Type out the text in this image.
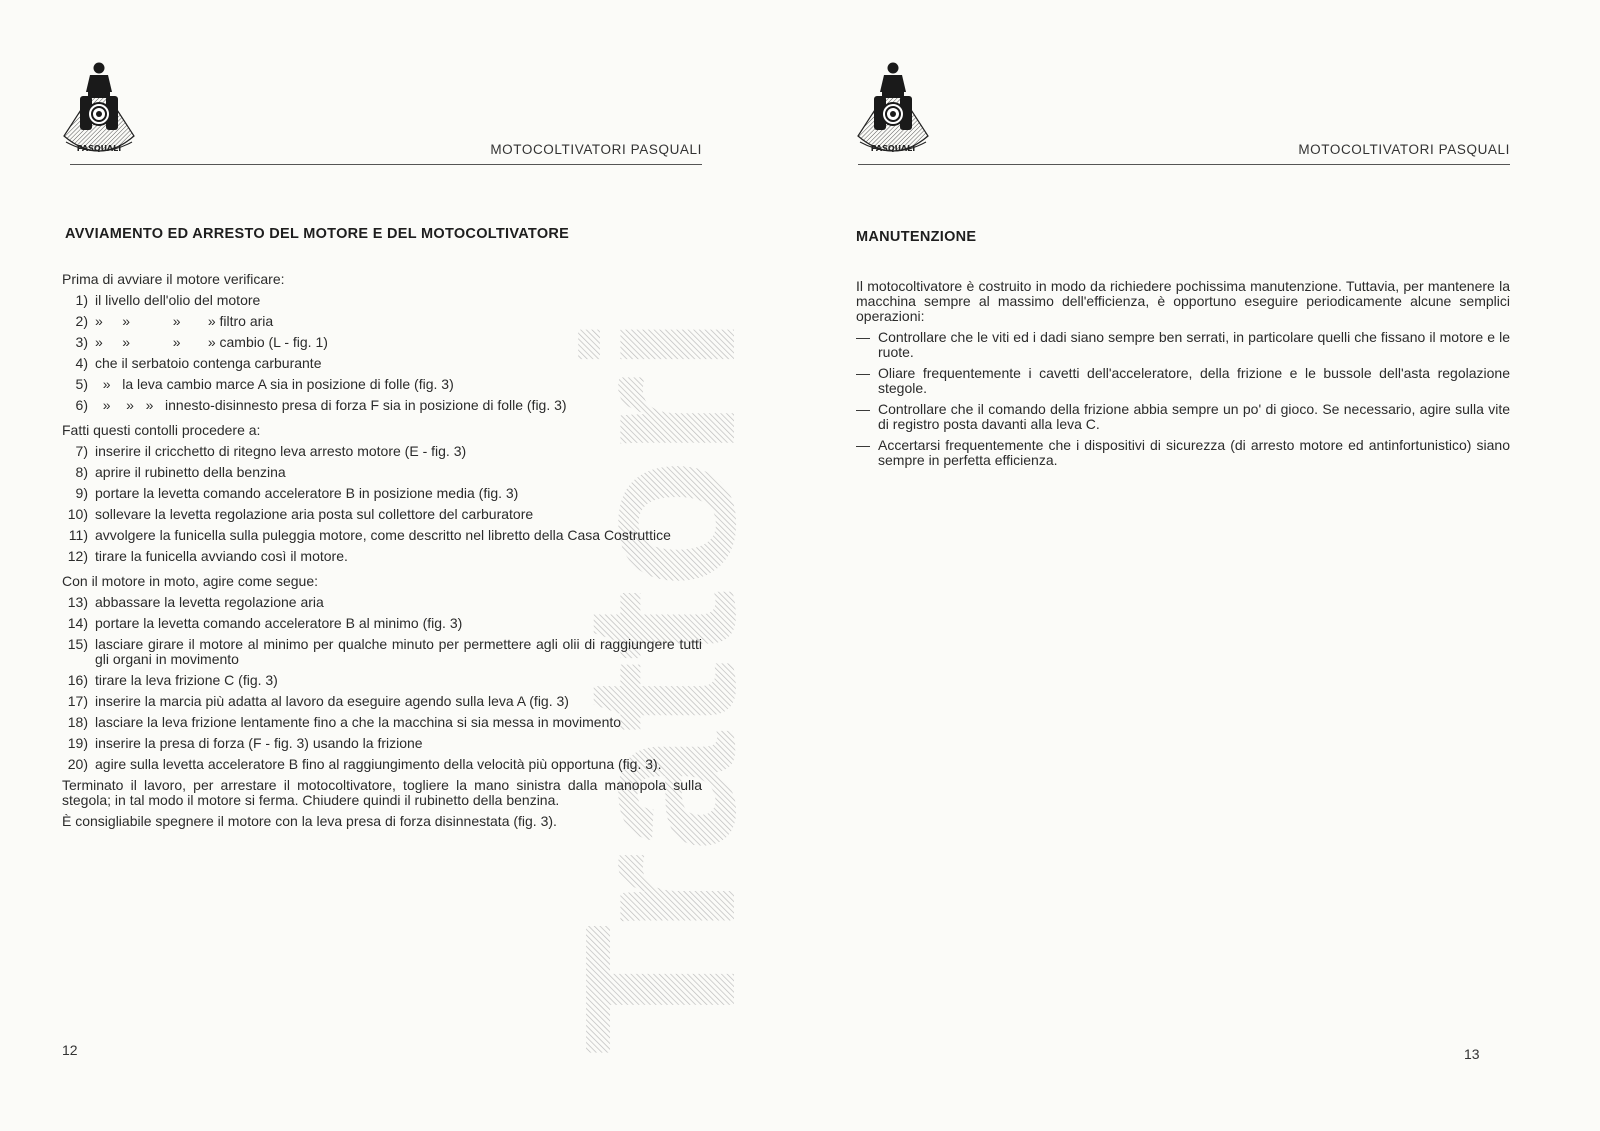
PASQUALI	MOTOCOLTIVATORI PASQUALI
Trattori
AVVIAMENTO ED ARRESTO DEL MOTORE E DEL MOTOCOLTIVATORE

Prima di avviare il motore verificare:

1) il livello dell'olio del motore
2) »     »           »       » filtro aria
3) »     »           »       » cambio (L - fig. 1)
4) che il serbatoio contenga carburante
5) »   la leva cambio marce A sia in posizione di folle (fig. 3)
6) »    »   »   innesto-disinnesto presa di forza F sia in posizione di folle (fig. 3)

Fatti questi contolli procedere a:

7) inserire il cricchetto di ritegno leva arresto motore (E - fig. 3)
8) aprire il rubinetto della benzina
9) portare la levetta comando acceleratore B in posizione media (fig. 3)
10) sollevare la levetta regolazione aria posta sul collettore del carburatore
11) avvolgere la funicella sulla puleggia motore, come descritto nel libretto della Casa Costruttice
12) tirare la funicella avviando così il motore.

Con il motore in moto, agire come segue:

13) abbassare la levetta regolazione aria
14) portare la levetta comando acceleratore B al minimo (fig. 3)
15) lasciare girare il motore al minimo per qualche minuto per permettere agli olii di raggiungere tutti gli organi in movimento
16) tirare la leva frizione C (fig. 3)
17) inserire la marcia più adatta al lavoro da eseguire agendo sulla leva A (fig. 3)
18) lasciare la leva frizione lentamente fino a che la macchina si sia messa in movimento
19) inserire la presa di forza (F - fig. 3) usando la frizione
20) agire sulla levetta acceleratore B fino al raggiungimento della velocità più opportuna (fig. 3).

Terminato il lavoro, per arrestare il motocoltivatore, togliere la mano sinistra dalla manopola sulla stegola; in tal modo il motore si ferma. Chiudere quindi il rubinetto della benzina.

È consigliabile spegnere il motore con la leva presa di forza disinnestata (fig. 3).

12
PASQUALI	MOTOCOLTIVATORI PASQUALI
MANUTENZIONE

Il motocoltivatore è costruito in modo da richiedere pochissima manutenzione. Tuttavia, per mantenere la macchina sempre al massimo dell'efficienza, è opportuno eseguire periodicamente alcune semplici operazioni:

— Controllare che le viti ed i dadi siano sempre ben serrati, in particolare quelli che fissano il motore e le ruote.
— Oliare frequentemente i cavetti dell'acceleratore, della frizione e le bussole dell'asta regolazione stegole.
— Controllare che il comando della frizione abbia sempre un po' di gioco. Se necessario, agire sulla vite di registro posta davanti alla leva C.
— Accertarsi frequentemente che i dispositivi di sicurezza (di arresto motore ed antinfortunistico) siano sempre in perfetta efficienza.
13
